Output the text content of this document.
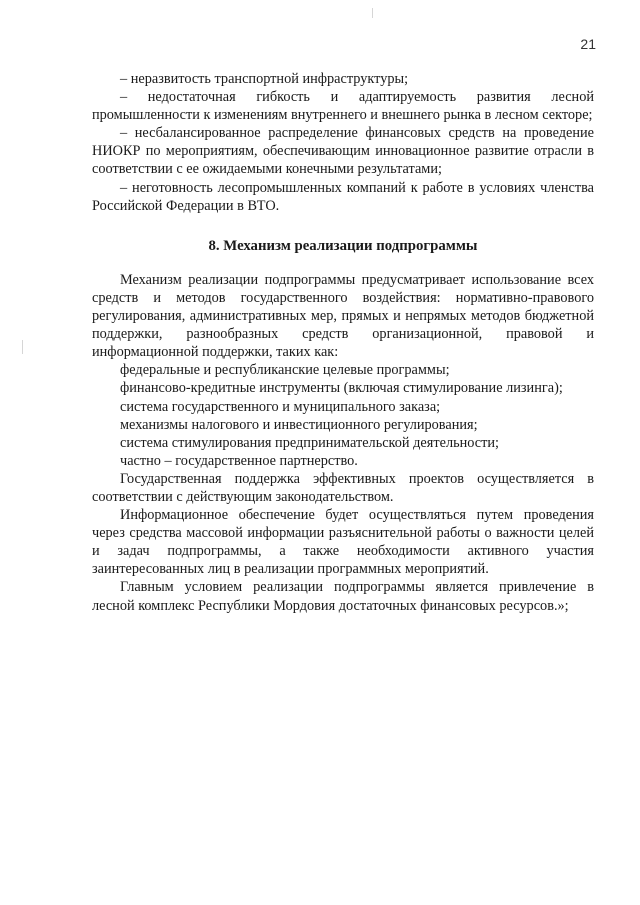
21

– неразвитость транспортной инфраструктуры;

– недостаточная гибкость и адаптируемость развития лесной промышленности к изменениям внутреннего и внешнего рынка в лесном секторе;

– несбалансированное распределение финансовых средств на проведение НИОКР по мероприятиям, обеспечивающим инновационное развитие отрасли в соответствии с ее ожидаемыми конечными результатами;

– неготовность лесопромышленных компаний к работе в условиях членства Российской Федерации в ВТО.

8. Механизм реализации подпрограммы

Механизм реализации подпрограммы предусматривает использование всех средств и методов государственного воздействия: нормативно-правового регулирования, административных мер, прямых и непрямых методов бюджетной поддержки, разнообразных средств организационной, правовой и информационной поддержки, таких как:

федеральные и республиканские целевые программы;

финансово-кредитные инструменты (включая стимулирование лизинга);

система государственного и муниципального заказа;

механизмы налогового и инвестиционного регулирования;

система стимулирования предпринимательской деятельности;

частно – государственное партнерство.

Государственная поддержка эффективных проектов осуществляется в соответствии с действующим законодательством.

Информационное обеспечение будет осуществляться путем проведения через средства массовой информации разъяснительной работы о важности целей и задач подпрограммы, а также необходимости активного участия заинтересованных лиц в реализации программных мероприятий.

Главным условием реализации подпрограммы является привлечение в лесной комплекс Республики Мордовия достаточных финансовых ресурсов.»;
